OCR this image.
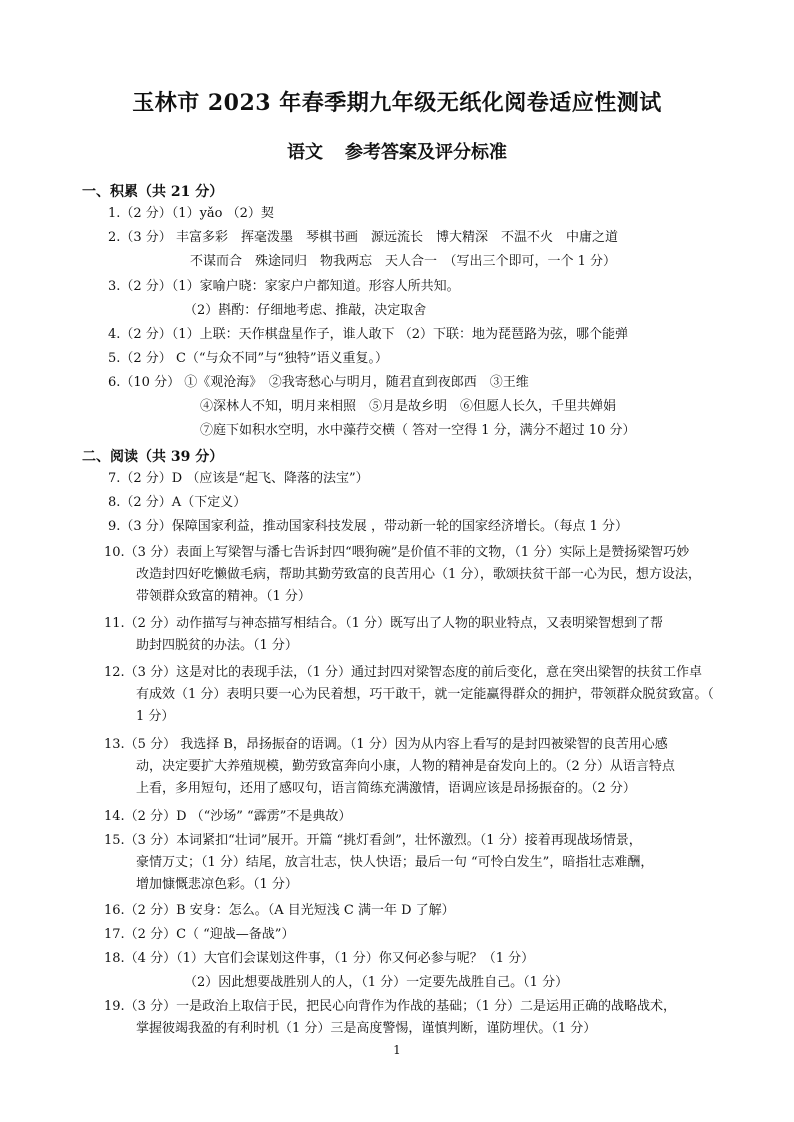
玉林市 2023 年春季期九年级无纸化阅卷适应性测试
语文 参考答案及评分标准
一、积累（共 21 分）
1.（2 分）（1）yǎo （2）契
2.（3 分） 丰富多彩　挥毫泼墨　琴棋书画　源远流长　博大精深　不温不火　中庸之道
不谋而合　殊途同归　物我两忘　天人合一　（写出三个即可，一个 1 分）
3.（2 分）（1）家喻户晓：家家户户都知道。形容人所共知。
（2）斟酌：仔细地考虑、推敲，决定取舍
4.（2 分）（1）上联：天作棋盘星作子，谁人敢下 （2）下联：地为琵琶路为弦，哪个能弹
5.（2 分） C（“与众不同”与“独特”语义重复。）
6.（10 分） ①《观沧海》　②我寄愁心与明月，随君直到夜郎西　③王维
④深林人不知，明月来相照　⑤月是故乡明　⑥但愿人长久，千里共婵娟
⑦庭下如积水空明，水中藻荇交横（ 答对一空得 1 分，满分不超过 10 分）
二、阅读（共 39 分）
7.（2 分）D （应该是“起飞、降落的法宝”）
8.（2 分）A（下定义）
9.（3 分）保障国家利益，推动国家科技发展 ，带动新一轮的国家经济增长。（每点 1 分）
10.（3 分）表面上写梁智与潘七告诉封四“喂狗碗”是价值不菲的文物，（1 分）实际上是赞扬梁智巧妙
改造封四好吃懒做毛病，帮助其勤劳致富的良苦用心（1 分），歌颂扶贫干部一心为民，想方设法，
带领群众致富的精神。（1 分）
11.（2 分）动作描写与神态描写相结合。（1 分）既写出了人物的职业特点，又表明梁智想到了帮
助封四脱贫的办法。（1 分）
12.（3 分）这是对比的表现手法，（1 分）通过封四对梁智态度的前后变化，意在突出梁智的扶贫工作卓
有成效（1 分）表明只要一心为民着想，巧干敢干，就一定能赢得群众的拥护，带领群众脱贫致富。（
1 分）
13.（5 分） 我选择 B，昂扬振奋的语调。（1 分）因为从内容上看写的是封四被梁智的良苦用心感
动，决定要扩大养殖规模，勤劳致富奔向小康，人物的精神是奋发向上的。（2 分）从语言特点
上看，多用短句，还用了感叹句，语言简练充满激情，语调应该是昂扬振奋的。（2 分）
14.（2 分）D （“沙场” “霹雳”不是典故）
15.（3 分）本词紧扣“壮词”展开。开篇 “挑灯看剑”，壮怀激烈。（1 分）接着再现战场情景，
豪情万丈；（1 分）结尾，放言壮志，快人快语；最后一句 “可怜白发生”，暗指壮志难酬，
增加慷慨悲凉色彩。（1 分）
16.（2 分）B 安身：怎么。（A 目光短浅 C 满一年 D 了解）
17.（2 分）C（ “迎战—备战”）
18.（4 分）（1）大官们会谋划这件事，（1 分）你又何必参与呢？（1 分）
（2）因此想要战胜别人的人，（1 分）一定要先战胜自己。（1 分）
19.（3 分）一是政治上取信于民，把民心向背作为作战的基础；（1 分）二是运用正确的战略战术，
掌握彼竭我盈的有利时机（1 分）三是高度警惕，谨慎判断，谨防埋伏。（1 分）
1
